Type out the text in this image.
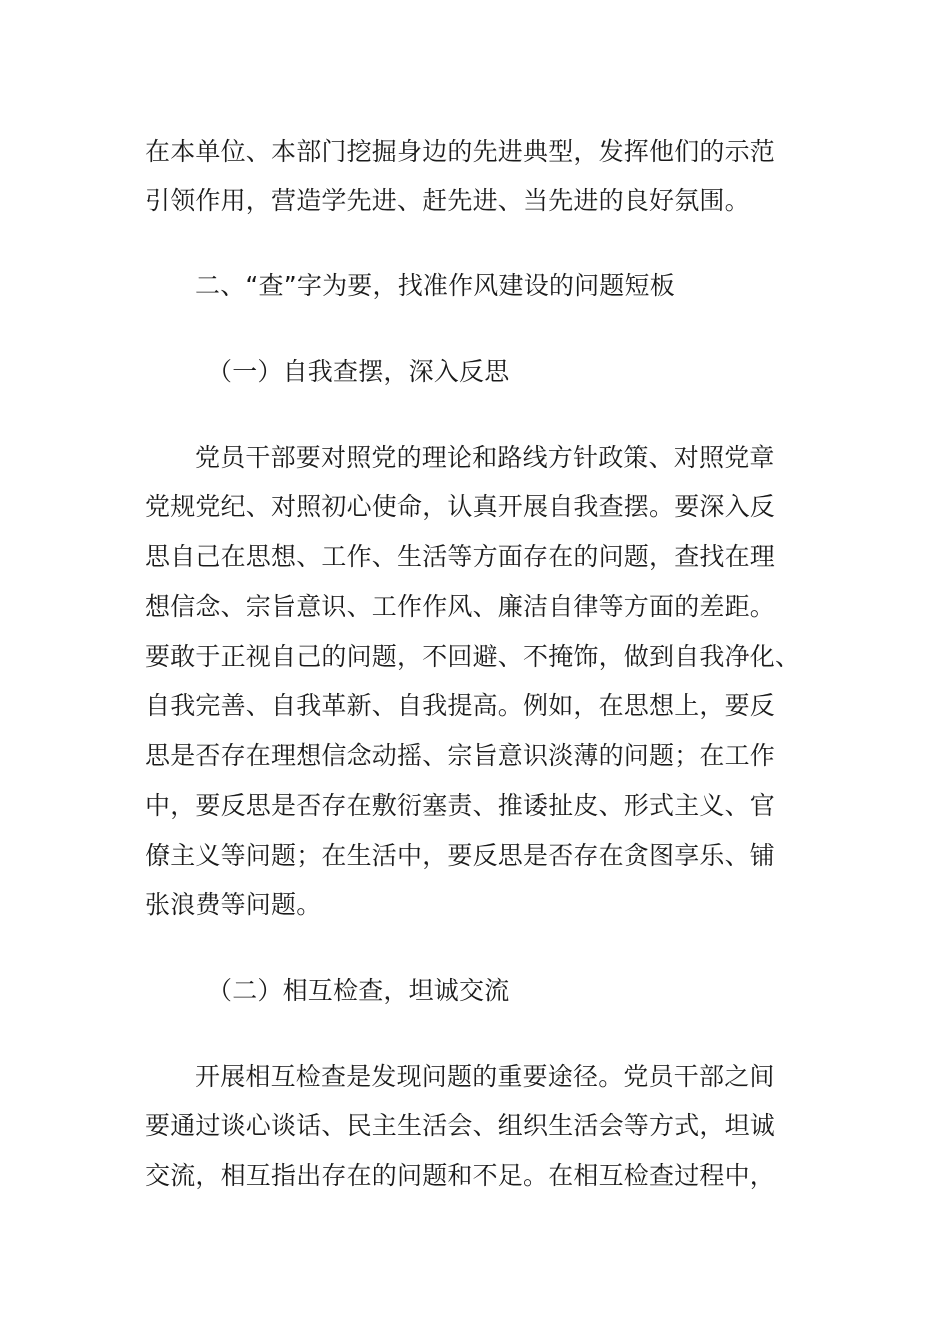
在本单位、本部门挖掘身边的先进典型，发挥他们的示范
引领作用，营造学先进、赶先进、当先进的良好氛围。
二、“查”字为要，找准作风建设的问题短板
（一）自我查摆，深入反思
党员干部要对照党的理论和路线方针政策、对照党章
党规党纪、对照初心使命，认真开展自我查摆。要深入反
思自己在思想、工作、生活等方面存在的问题，查找在理
想信念、宗旨意识、工作作风、廉洁自律等方面的差距。
要敢于正视自己的问题，不回避、不掩饰，做到自我净化、
自我完善、自我革新、自我提高。例如，在思想上，要反
思是否存在理想信念动摇、宗旨意识淡薄的问题；在工作
中，要反思是否存在敷衍塞责、推诿扯皮、形式主义、官
僚主义等问题；在生活中，要反思是否存在贪图享乐、铺
张浪费等问题。
（二）相互检查，坦诚交流
开展相互检查是发现问题的重要途径。党员干部之间
要通过谈心谈话、民主生活会、组织生活会等方式，坦诚
交流，相互指出存在的问题和不足。在相互检查过程中，
